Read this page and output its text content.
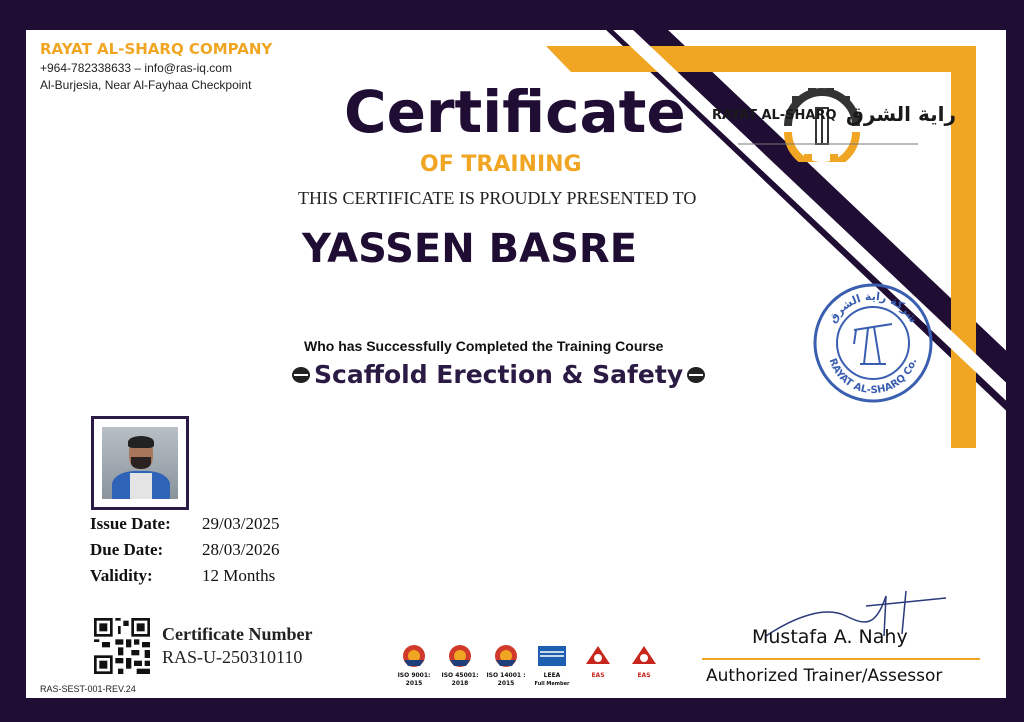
RAYAT AL-SHARQ COMPANY
+964-782338633 – info@ras-iq.com
Al-Burjesia, Near Al-Fayhaa Checkpoint	Certificate
OF TRAINING
RAYAT AL-SHARQ راية الشرق
THIS CERTIFICATE IS PROUDLY PRESENTED TO
YASSEN BASRE
شركة راية الشرق
RAYAT AL-SHARQ Co.
Who has Successfully Completed the Training Course
Scaffold Erection & Safety
Issue Date: 29/03/2025
Due Date: 28/03/2026
Validity:	12 Months
Certificate Number
RAS-U-250310110
RAS-SEST-001-REV.24
ISO 9001:
2015
ISO 45001:
2018
ISO 14001 :
2015
LEEA
Full Member
EAS	EAS
Mustafa A. Nahy
Authorized Trainer/Assessor
